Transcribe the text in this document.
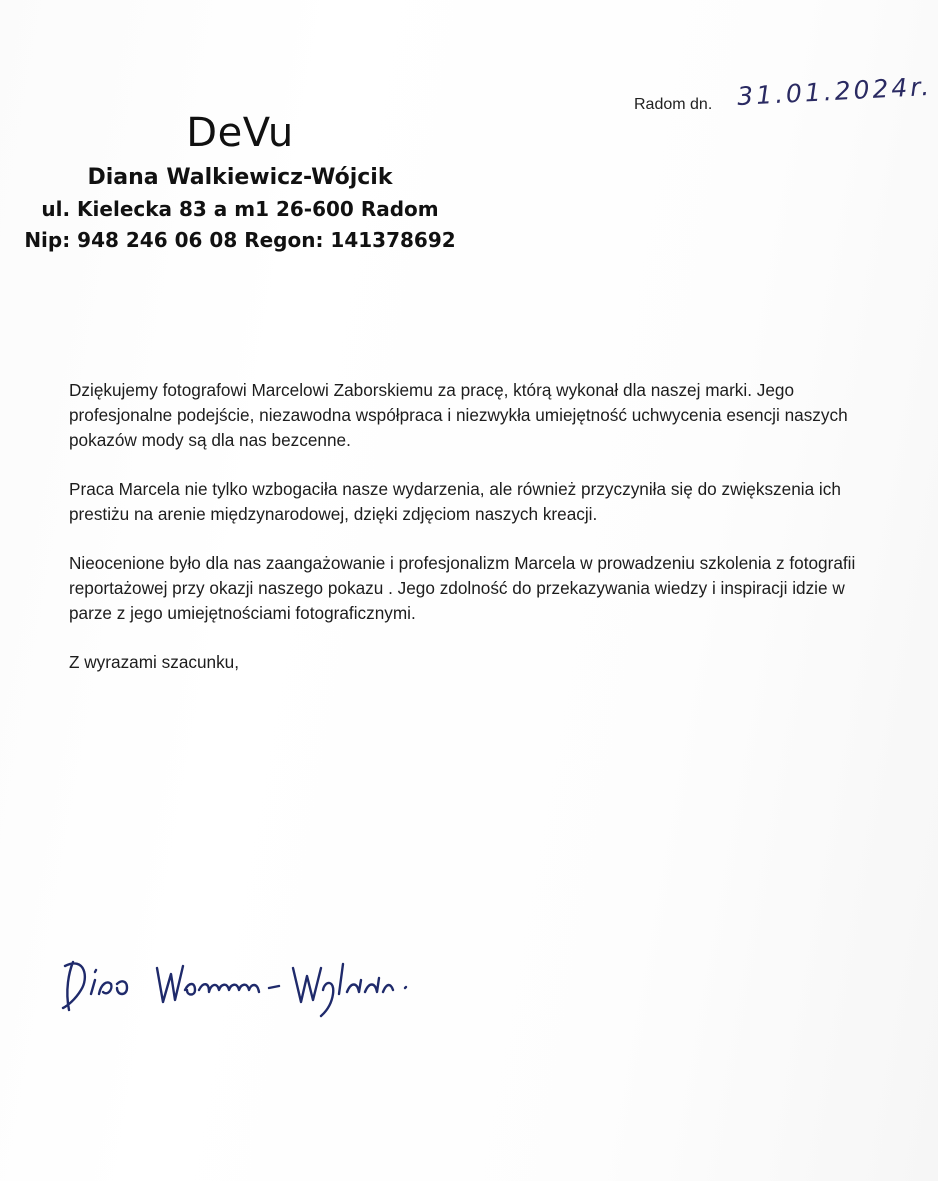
Radom dn. 31.01.2024r.
DeVu
Diana Walkiewicz-Wójcik
ul. Kielecka 83 a m1 26-600 Radom
Nip: 948 246 06 08 Regon: 141378692

Dziękujemy fotografowi Marcelowi Zaborskiemu za pracę, którą wykonał dla naszej marki. Jego profesjonalne podejście, niezawodna współpraca i niezwykła umiejętność uchwycenia esencji naszych pokazów mody są dla nas bezcenne.

Praca Marcela nie tylko wzbogaciła nasze wydarzenia, ale również przyczyniła się do zwiększenia ich prestiżu na arenie międzynarodowej, dzięki zdjęciom naszych kreacji.

Nieocenione było dla nas zaangażowanie i profesjonalizm Marcela w prowadzeniu szkolenia z fotografii reportażowej przy okazji naszego pokazu . Jego zdolność do przekazywania wiedzy i inspiracji idzie w parze z jego umiejętnościami fotograficznymi.

Z wyrazami szacunku,
